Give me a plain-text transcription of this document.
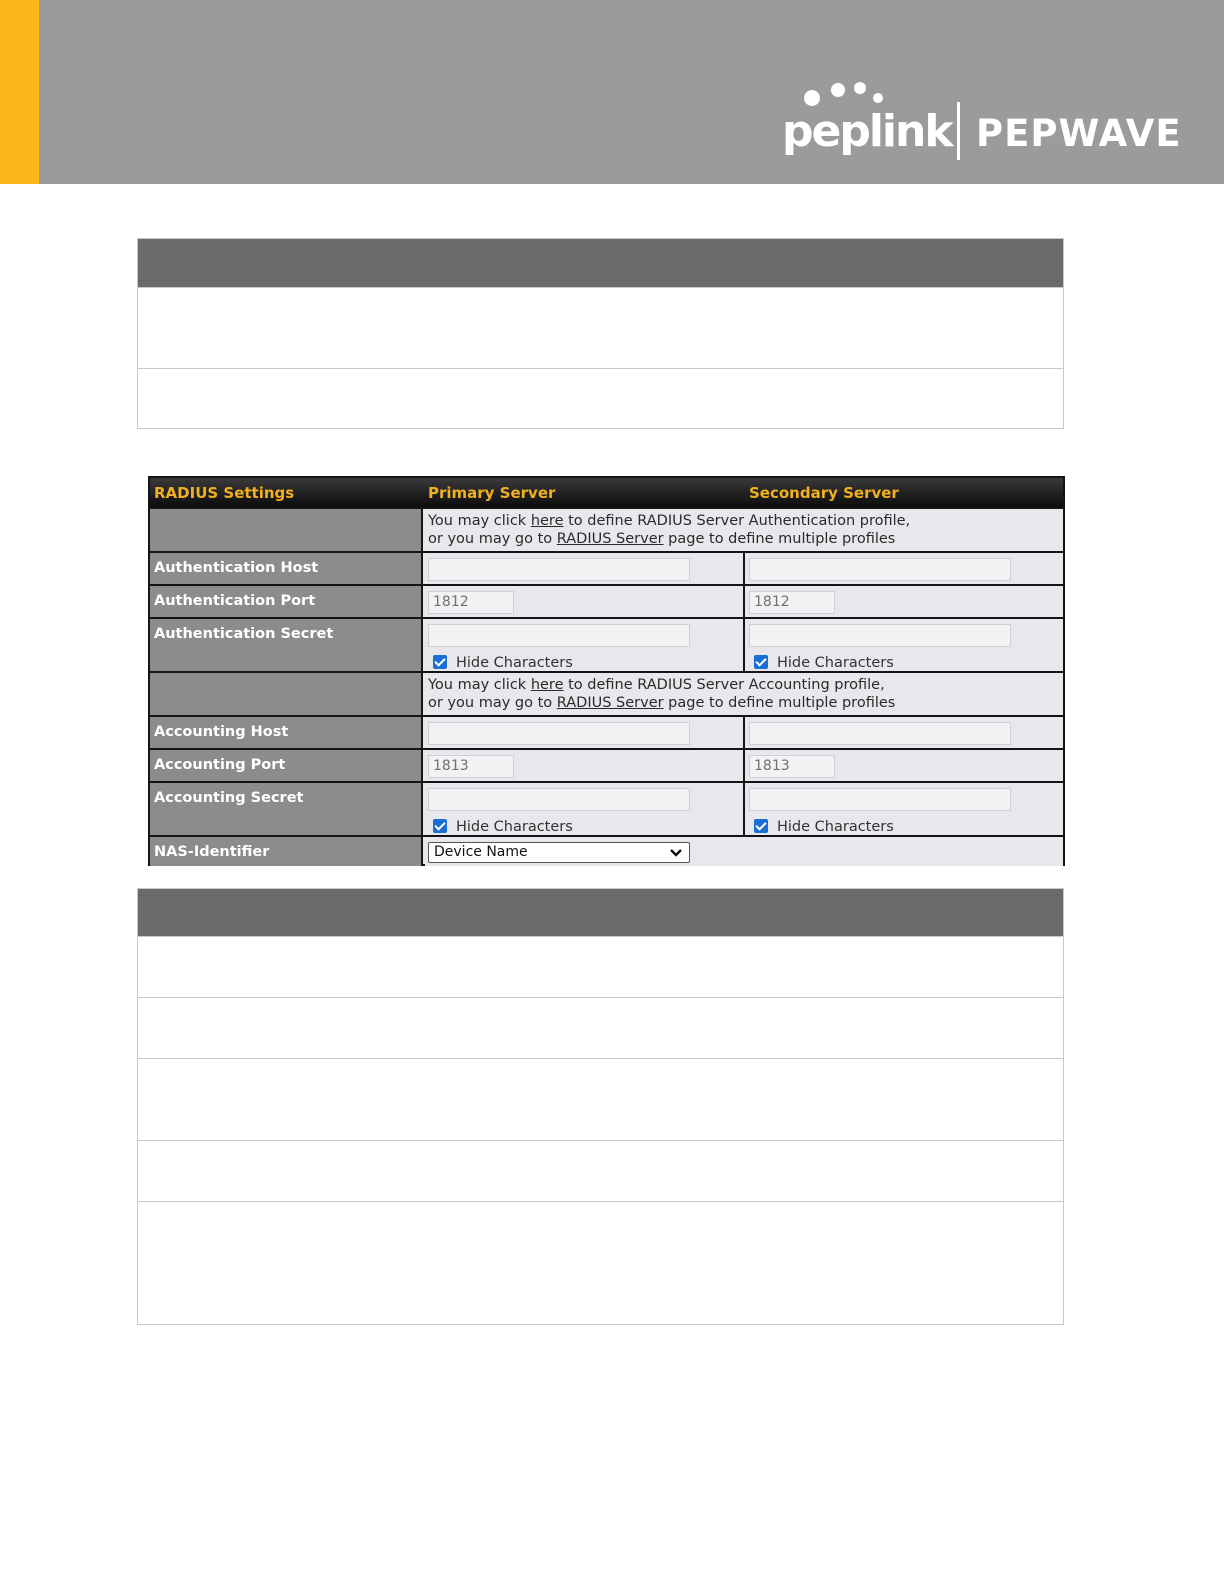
peplink PEPWAVE
RADIUS Settings	Primary Server	Secondary Server
You may click here to define RADIUS Server Authentication profile,
or you may go to RADIUS Server page to define multiple profiles
Authentication Host
Authentication Port	1812	1812
Authentication Secret
Hide Characters	Hide Characters
You may click here to define RADIUS Server Accounting profile,
or you may go to RADIUS Server page to define multiple profiles
Accounting Host
Accounting Port	1813	1813
Accounting Secret
Hide Characters	Hide Characters
NAS-Identifier	Device Name
